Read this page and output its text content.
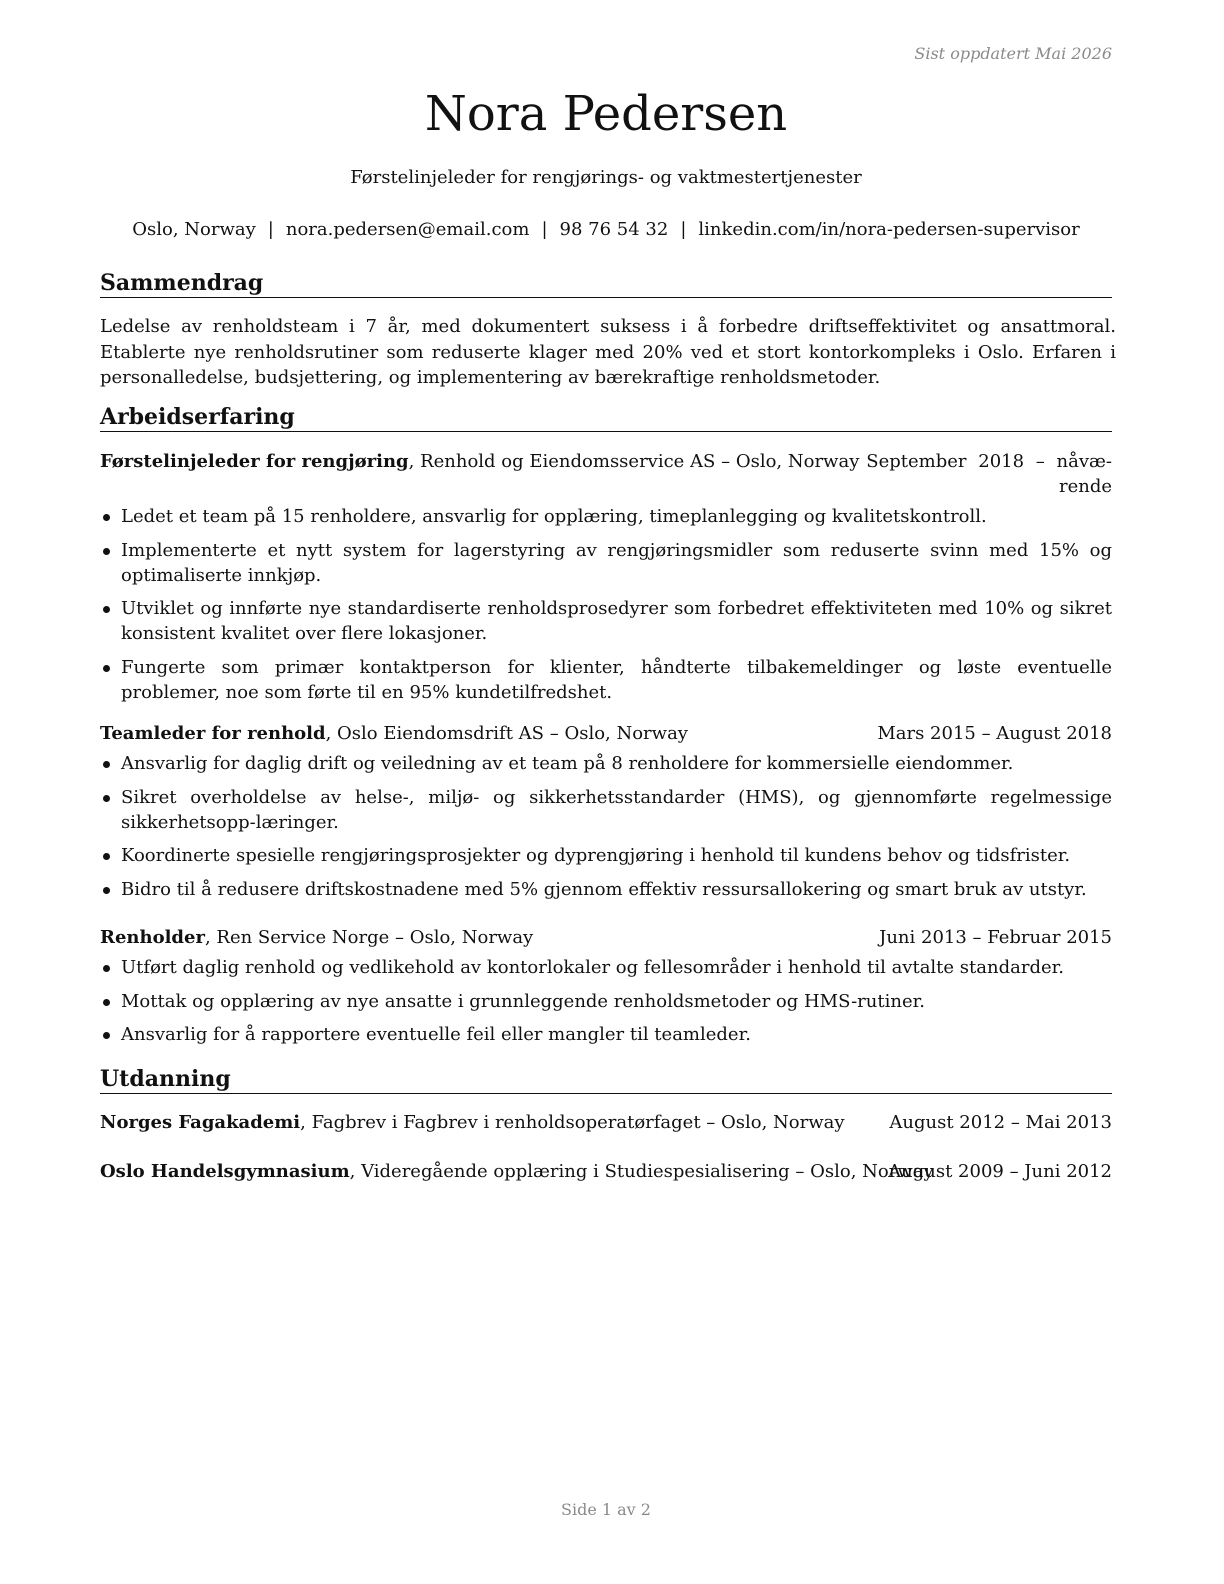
Sist oppdatert Mai 2026
Nora Pedersen
Førstelinjeleder for rengjørings- og vaktmestertjenester
Oslo, Norway | nora.pedersen@email.com | 98 76 54 32 | linkedin.com/in/nora-pedersen-supervisor
Sammendrag
Ledelse av renholdsteam i 7 år, med dokumentert suksess i å forbedre driftseffektivitet og ansattmoral. Etablerte nye renholdsrutiner som reduserte klager med 20% ved et stort kontorkompleks i Oslo. Erfaren i personalledelse, budsjettering, og implementering av bærekraftige renholdsmetoder.
Arbeidserfaring
Førstelinjeleder for rengjøring, Renhold og Eiendomsservice AS – Oslo, Norway September 2018 – nåvæ-
rende
Ledet et team på 15 renholdere, ansvarlig for opplæring, timeplanlegging og kvalitetskontroll.
Implementerte et nytt system for lagerstyring av rengjøringsmidler som reduserte svinn med 15% og optimaliserte innkjøp.
Utviklet og innførte nye standardiserte renholdsprosedyrer som forbedret effektiviteten med 10% og sikret konsistent kvalitet over flere lokasjoner.
Fungerte som primær kontaktperson for klienter, håndterte tilbakemeldinger og løste eventuelle problemer, noe som førte til en 95% kundetilfredshet.
Teamleder for renhold, Oslo Eiendomsdrift AS – Oslo, Norway	Mars 2015 – August 2018
Ansvarlig for daglig drift og veiledning av et team på 8 renholdere for kommersielle eiendommer.
Sikret overholdelse av helse-, miljø- og sikkerhetsstandarder (HMS), og gjennomførte regelmessige sikkerhetsopp-læringer.
Koordinerte spesielle rengjøringsprosjekter og dyprengjøring i henhold til kundens behov og tidsfrister.
Bidro til å redusere driftskostnadene med 5% gjennom effektiv ressursallokering og smart bruk av utstyr.
Renholder, Ren Service Norge – Oslo, Norway	Juni 2013 – Februar 2015
Utført daglig renhold og vedlikehold av kontorlokaler og fellesområder i henhold til avtalte standarder.
Mottak og opplæring av nye ansatte i grunnleggende renholdsmetoder og HMS-rutiner.
Ansvarlig for å rapportere eventuelle feil eller mangler til teamleder.
Utdanning
Norges Fagakademi, Fagbrev i Fagbrev i renholdsoperatørfaget – Oslo, Norway August 2012 – Mai 2013
Oslo Handelsgymnasium, Videregående opplæring i Studiespesialisering – Oslo, Norway
August 2009 – Juni 2012
Side 1 av 2
